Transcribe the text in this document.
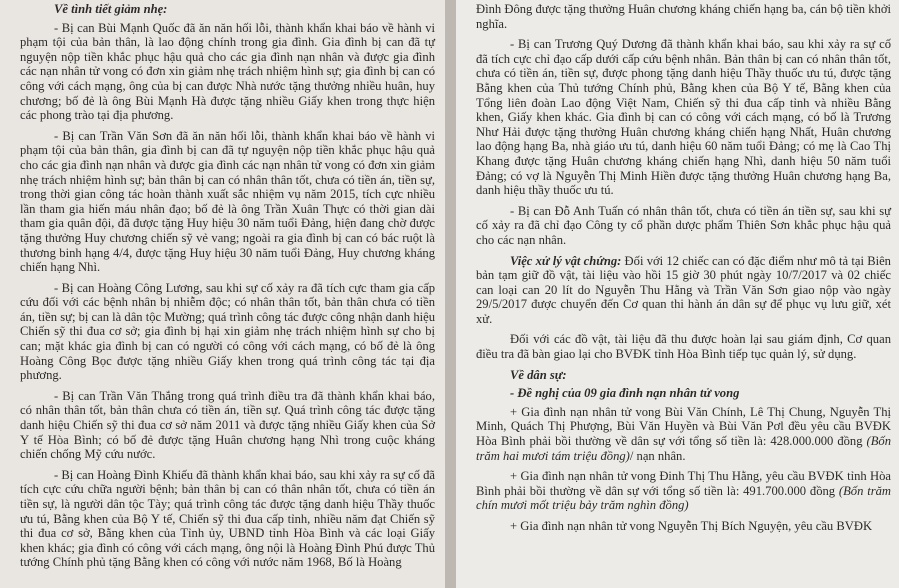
Về tình tiết giảm nhẹ:

- Bị can Bùi Mạnh Quốc đã ăn năn hối lỗi, thành khẩn khai báo về hành vi phạm tội của bản thân, là lao động chính trong gia đình. Gia đình bị can đã tự nguyện nộp tiền khắc phục hậu quả cho các gia đình nạn nhân và được gia đình các nạn nhân tử vong có đơn xin giảm nhẹ trách nhiệm hình sự; gia đình bị can có công với cách mạng, ông của bị can được Nhà nước tặng thưởng nhiều huân, huy chương; bố đẻ là ông Bùi Mạnh Hà được tặng nhiều Giấy khen trong thực hiện các phong trào tại địa phương.

- Bị can Trần Văn Sơn đã ăn năn hối lỗi, thành khẩn khai báo về hành vi phạm tội của bản thân, gia đình bị can đã tự nguyện nộp tiền khắc phục hậu quả cho các gia đình nạn nhân và được gia đình các nạn nhân tử vong có đơn xin giảm nhẹ trách nhiệm hình sự; bản thân bị can có nhân thân tốt, chưa có tiền án, tiền sự, trong thời gian công tác hoàn thành xuất sắc nhiệm vụ năm 2015, tích cực nhiều lần tham gia hiến máu nhân đạo; bố đẻ là ông Trần Xuân Thực có thời gian dài tham gia quân đội, đã được tặng Huy hiệu 30 năm tuổi Đảng, hiện đang chờ được tặng thưởng Huy chương chiến sỹ vẻ vang; ngoài ra gia đình bị can có bác ruột là thương binh hạng 4/4, được tặng Huy hiệu 30 năm tuổi Đảng, Huy chương kháng chiến hạng Nhì.

- Bị can Hoàng Công Lương, sau khi sự cố xảy ra đã tích cực tham gia cấp cứu đối với các bệnh nhân bị nhiễm độc; có nhân thân tốt, bản thân chưa có tiền án, tiền sự; bị can là dân tộc Mường; quá trình công tác được công nhận danh hiệu Chiến sỹ thi đua cơ sở; gia đình bị hại xin giảm nhẹ trách nhiệm hình sự cho bị can; mặt khác gia đình bị can có người có công với cách mạng, có bố đẻ là ông Hoàng Công Bọc được tặng nhiều Giấy khen trong quá trình công tác tại địa phương.

- Bị can Trần Văn Thắng trong quá trình điều tra đã thành khẩn khai báo, có nhân thân tốt, bản thân chưa có tiền án, tiền sự. Quá trình công tác được tặng danh hiệu Chiến sỹ thi đua cơ sở năm 2011 và được tặng nhiều Giấy khen của Sở Y tế Hòa Bình; có bố đẻ được tặng Huân chương hạng Nhì trong cuộc kháng chiến chống Mỹ cứu nước.

- Bị can Hoàng Đình Khiếu đã thành khẩn khai báo, sau khi xảy ra sự cố đã tích cực cứu chữa người bệnh; bản thân bị can có thân nhân tốt, chưa có tiền án tiền sự, là người dân tộc Tày; quá trình công tác được tặng danh hiệu Thầy thuốc ưu tú, Bằng khen của Bộ Y tế, Chiến sỹ thi đua cấp tỉnh, nhiều năm đạt Chiến sỹ thi đua cơ sở, Bằng khen của Tỉnh ủy, UBND tỉnh Hòa Bình và các loại Giấy khen khác; gia đình có công với cách mạng, ông nội là Hoàng Đình Phú được Thủ tướng Chính phủ tặng Bằng khen có công với nước năm 1968, Bố là Hoàng

Đình Đông được tặng thưởng Huân chương kháng chiến hạng ba, cán bộ tiền khởi nghĩa.

- Bị can Trương Quý Dương đã thành khẩn khai báo, sau khi xảy ra sự cố đã tích cực chỉ đạo cấp dưới cấp cứu bệnh nhân. Bản thân bị can có nhân thân tốt, chưa có tiền án, tiền sự, được phong tặng danh hiệu Thầy thuốc ưu tú, được tặng Bằng khen của Thủ tướng Chính phủ, Bằng khen của Bộ Y tế, Bằng khen của Tổng liên đoàn Lao động Việt Nam, Chiến sỹ thi đua cấp tỉnh và nhiều Bằng khen, Giấy khen khác. Gia đình bị can có công với cách mạng, có bố là Trương Như Hải được tặng thưởng Huân chương kháng chiến hạng Nhất, Huân chương lao động hạng Ba, nhà giáo ưu tú, danh hiệu 60 năm tuổi Đảng; có mẹ là Cao Thị Khang được tặng Huân chương kháng chiến hạng Nhì, danh hiệu 50 năm tuổi Đảng; có vợ là Nguyễn Thị Minh Hiền được tặng thưởng Huân chương hạng Ba, danh hiệu thầy thuốc ưu tú.

- Bị can Đỗ Anh Tuấn có nhân thân tốt, chưa có tiền án tiền sự, sau khi sự cố xảy ra đã chỉ đạo Công ty cổ phần dược phẩm Thiên Sơn khắc phục hậu quả cho các nạn nhân.

Việc xử lý vật chứng: Đối với 12 chiếc can có đặc điểm như mô tả tại Biên bản tạm giữ đồ vật, tài liệu vào hồi 15 giờ 30 phút ngày 10/7/2017 và 02 chiếc can loại can 20 lít do Nguyễn Thu Hằng và Trần Văn Sơn giao nộp vào ngày 29/5/2017 được chuyển đến Cơ quan thi hành án dân sự để phục vụ lưu giữ, xét xử.

Đối với các đồ vật, tài liệu đã thu được hoàn lại sau giám định, Cơ quan điều tra đã bàn giao lại cho BVĐK tỉnh Hòa Bình tiếp tục quản lý, sử dụng.

Về dân sự:

- Đề nghị của 09 gia đình nạn nhân tử vong

+ Gia đình nạn nhân tử vong Bùi Văn Chính, Lê Thị Chung, Nguyễn Thị Minh, Quách Thị Phượng, Bùi Văn Huyền và Bùi Văn Pơl đều yêu cầu BVĐK Hòa Bình phải bồi thường về dân sự với tổng số tiền là: 428.000.000 đồng (Bốn trăm hai mươi tám triệu đồng)/ nạn nhân.

+ Gia đình nạn nhân tử vong Đinh Thị Thu Hằng, yêu cầu BVĐK tỉnh Hòa Bình phải bồi thường về dân sự với tổng số tiền là: 491.700.000 đồng (Bốn trăm chín mươi mốt triệu bảy trăm nghìn đồng)

+ Gia đình nạn nhân tử vong Nguyễn Thị Bích Nguyện, yêu cầu BVĐK
